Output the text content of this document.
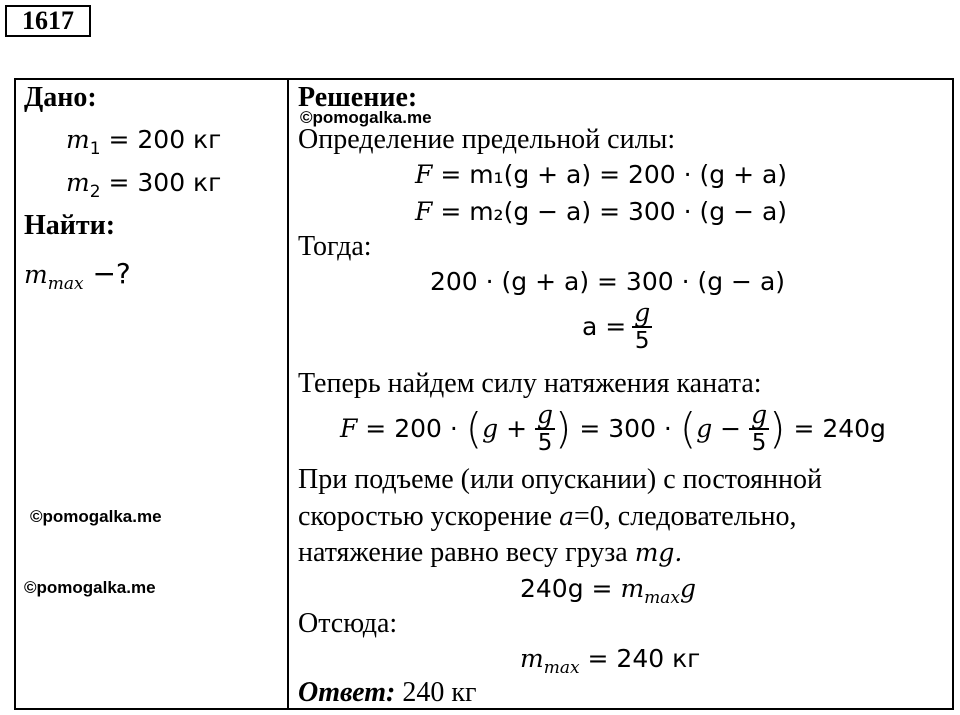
1617
Дано:
$m_1 = 200$ кг
$m_2 = 300$ кг
Найти:
$m_{max}$ −?
©pomogalka.me
©pomogalka.me
Решение:
©pomogalka.me
Определение предельной силы:
F = m₁(g + a) = 200 · (g + a)
F = m₂(g − a) = 300 · (g − a)
Тогда:
200 · (g + a) = 300 · (g − a)
$a = \frac{g}{5}$
Теперь найдем силу натяжения каната:
F = 200 · ( $g + \frac{g}{5}$ ) = 300 · ( $g - \frac{g}{5}$ )
= 240g
При подъеме (или опускании) с постоянной
скоростью ускорение a=0, следовательно,
натяжение равно весу груза mg.
$240g = m_{max}g$
Отсюда:
$m_{max} = 240$ кг
Ответ: 240 кг
